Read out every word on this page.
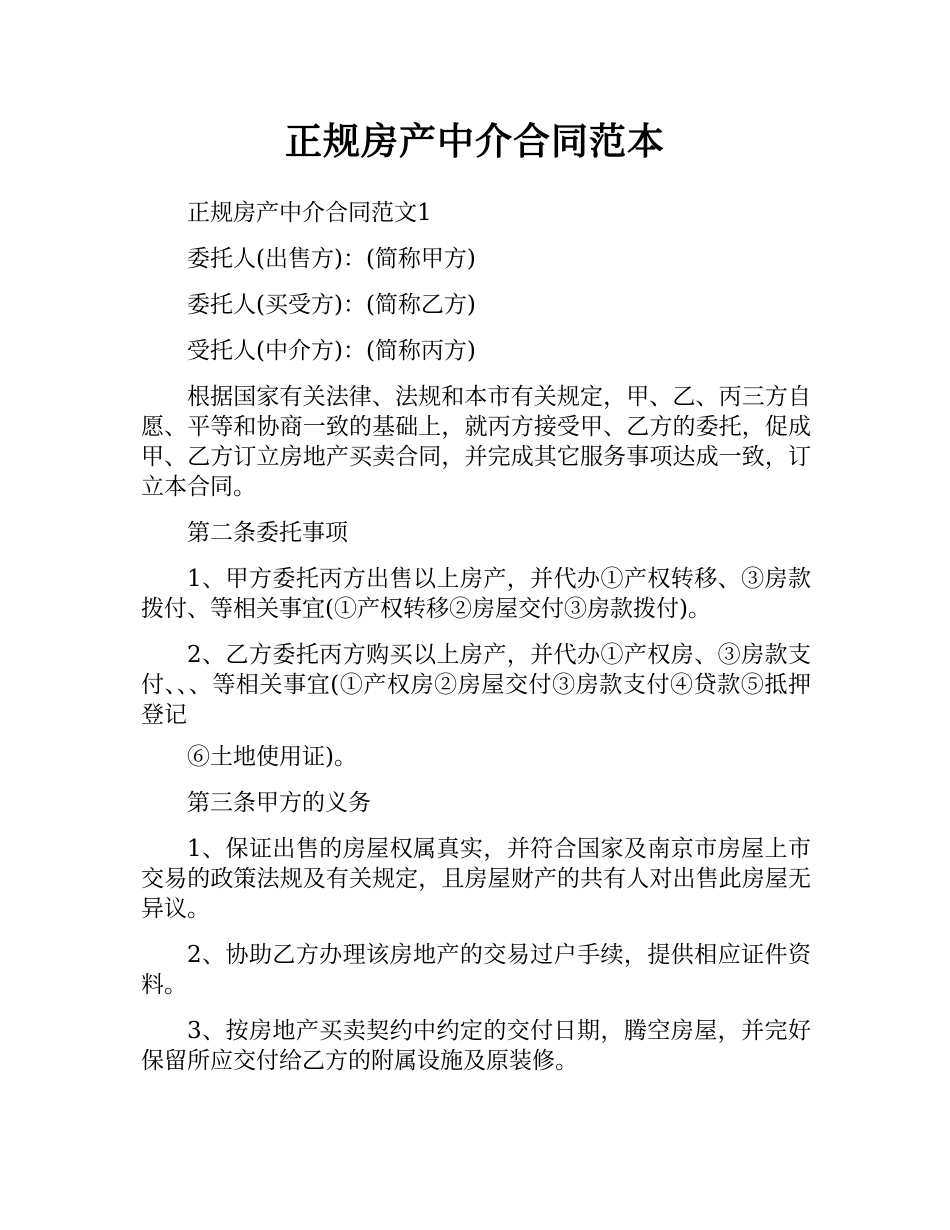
正规房产中介合同范本

正规房产中介合同范文1

委托人(出售方)：(简称甲方)

委托人(买受方)：(简称乙方)

受托人(中介方)：(简称丙方)

根据国家有关法律、法规和本市有关规定，甲、乙、丙三方自愿、平等和协商一致的基础上，就丙方接受甲、乙方的委托，促成甲、乙方订立房地产买卖合同，并完成其它服务事项达成一致，订立本合同。

第二条委托事项

1、甲方委托丙方出售以上房产，并代办①产权转移、③房款拨付、等相关事宜(①产权转移②房屋交付③房款拨付)。

2、乙方委托丙方购买以上房产，并代办①产权房、③房款支付、、、等相关事宜(①产权房②房屋交付③房款支付④贷款⑤抵押登记

⑥土地使用证)。

第三条甲方的义务

1、保证出售的房屋权属真实，并符合国家及南京市房屋上市交易的政策法规及有关规定，且房屋财产的共有人对出售此房屋无异议。

2、协助乙方办理该房地产的交易过户手续，提供相应证件资料。

3、按房地产买卖契约中约定的交付日期，腾空房屋，并完好保留所应交付给乙方的附属设施及原装修。
